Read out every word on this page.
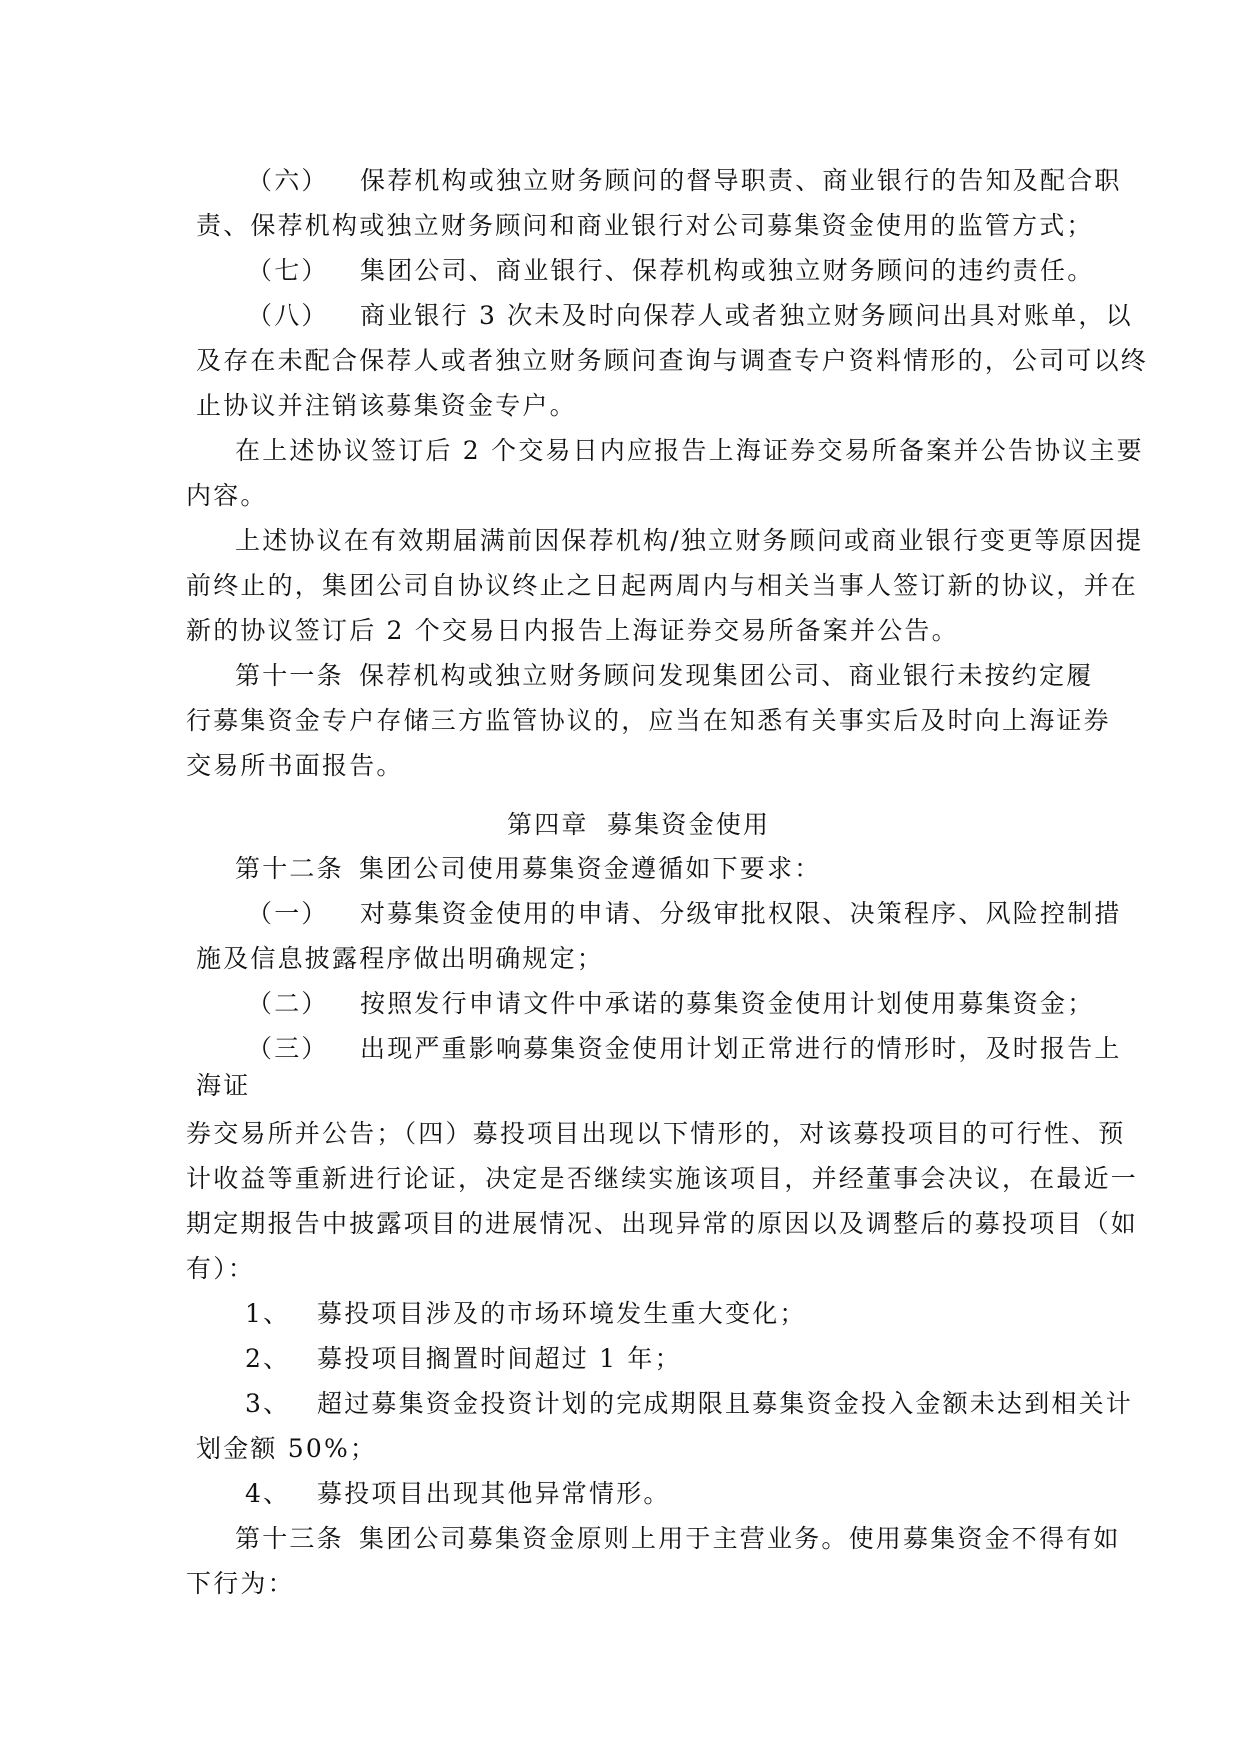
（六） 保荐机构或独立财务顾问的督导职责、商业银行的告知及配合职

责、保荐机构或独立财务顾问和商业银行对公司募集资金使用的监管方式；

（七） 集团公司、商业银行、保荐机构或独立财务顾问的违约责任。

（八） 商业银行 3 次未及时向保荐人或者独立财务顾问出具对账单，以

及存在未配合保荐人或者独立财务顾问查询与调查专户资料情形的，公司可以终

止协议并注销该募集资金专户。

在上述协议签订后 2 个交易日内应报告上海证券交易所备案并公告协议主要

内容。

上述协议在有效期届满前因保荐机构/独立财务顾问或商业银行变更等原因提

前终止的，集团公司自协议终止之日起两周内与相关当事人签订新的协议，并在

新的协议签订后 2 个交易日内报告上海证券交易所备案并公告。

第十一条 保荐机构或独立财务顾问发现集团公司、商业银行未按约定履

行募集资金专户存储三方监管协议的，应当在知悉有关事实后及时向上海证券

交易所书面报告。

第四章 募集资金使用

第十二条 集团公司使用募集资金遵循如下要求：

（一） 对募集资金使用的申请、分级审批权限、决策程序、风险控制措

施及信息披露程序做出明确规定；

（二） 按照发行申请文件中承诺的募集资金使用计划使用募集资金；

（三） 出现严重影响募集资金使用计划正常进行的情形时，及时报告上

海证

券交易所并公告；（四）募投项目出现以下情形的，对该募投项目的可行性、预

计收益等重新进行论证，决定是否继续实施该项目，并经董事会决议，在最近一

期定期报告中披露项目的进展情况、出现异常的原因以及调整后的募投项目（如

有）：

1、 募投项目涉及的市场环境发生重大变化；

2、 募投项目搁置时间超过 1 年；

3、 超过募集资金投资计划的完成期限且募集资金投入金额未达到相关计

划金额 50%；

4、 募投项目出现其他异常情形。

第十三条 集团公司募集资金原则上用于主营业务。使用募集资金不得有如

下行为：
